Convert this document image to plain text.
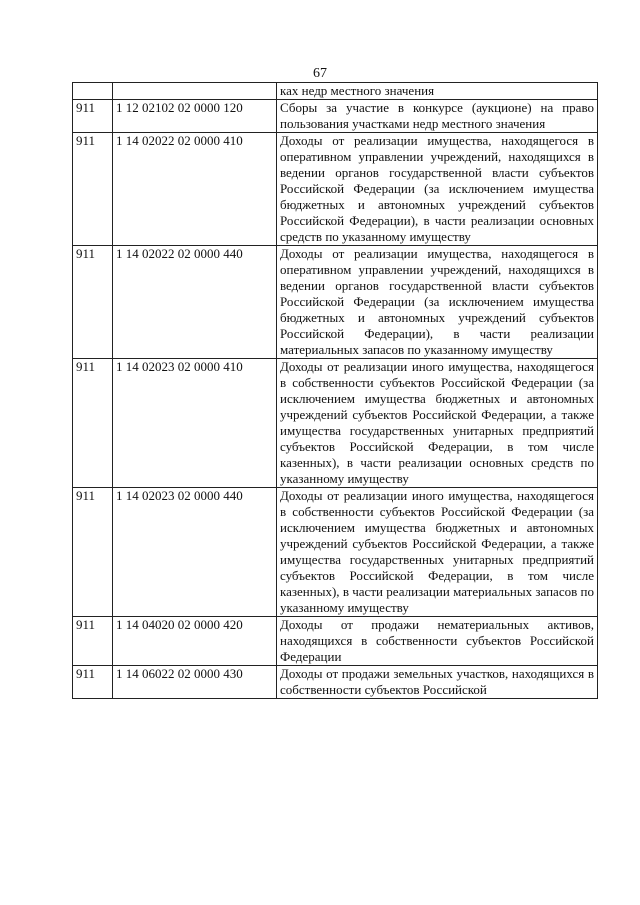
67
		ках недр местного значения
911	1 12 02102 02 0000 120	Сборы за участие в конкурсе (аукционе) на право пользования участками недр местного значения
911	1 14 02022 02 0000 410	Доходы от реализации имущества, находящегося в оперативном управлении учреждений, находящихся в ведении органов государственной власти субъектов Российской Федерации (за исключением имущества бюджетных и автономных учреждений субъектов Российской Федерации), в части реализации основных средств по указанному имуществу
911	1 14 02022 02 0000 440	Доходы от реализации имущества, находящегося в оперативном управлении учреждений, находящихся в ведении органов государственной власти субъектов Российской Федерации (за исключением имущества бюджетных и автономных учреждений субъектов Российской Федерации), в части реализации материальных запасов по указанному имуществу
911	1 14 02023 02 0000 410	Доходы от реализации иного имущества, находящегося в собственности субъектов Российской Федерации (за исключением имущества бюджетных и автономных учреждений субъектов Российской Федерации, а также имущества государственных унитарных предприятий субъектов Российской Федерации, в том числе казенных), в части реализации основных средств по указанному имуществу
911	1 14 02023 02 0000 440	Доходы от реализации иного имущества, находящегося в собственности субъектов Российской Федерации (за исключением имущества бюджетных и автономных учреждений субъектов Российской Федерации, а также имущества государственных унитарных предприятий субъектов Российской Федерации, в том числе казенных), в части реализации материальных запасов по указанному имуществу
911	1 14 04020 02 0000 420	Доходы от продажи нематериальных активов, находящихся в собственности субъектов Российской Федерации
911	1 14 06022 02 0000 430	Доходы от продажи земельных участков, находящихся в собственности субъектов Российской
